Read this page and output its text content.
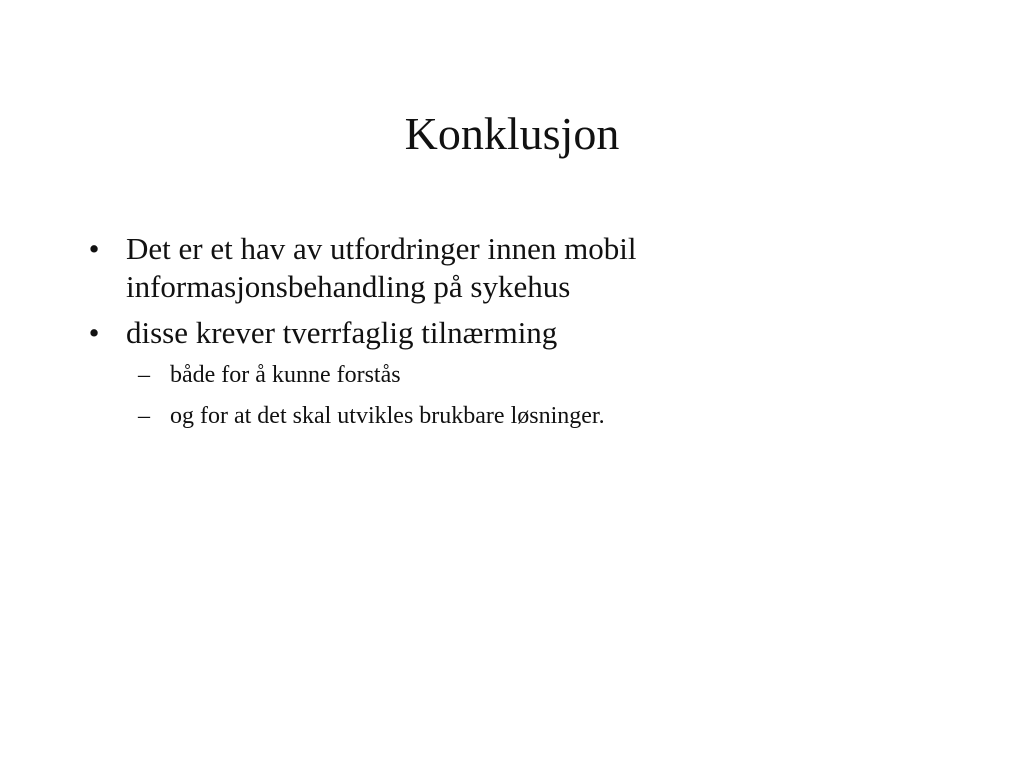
Konklusjon
• Det er et hav av utfordringer innen mobil
informasjonsbehandling på sykehus
• disse krever tverrfaglig tilnærming
– både for å kunne forstås
– og for at det skal utvikles brukbare løsninger.
